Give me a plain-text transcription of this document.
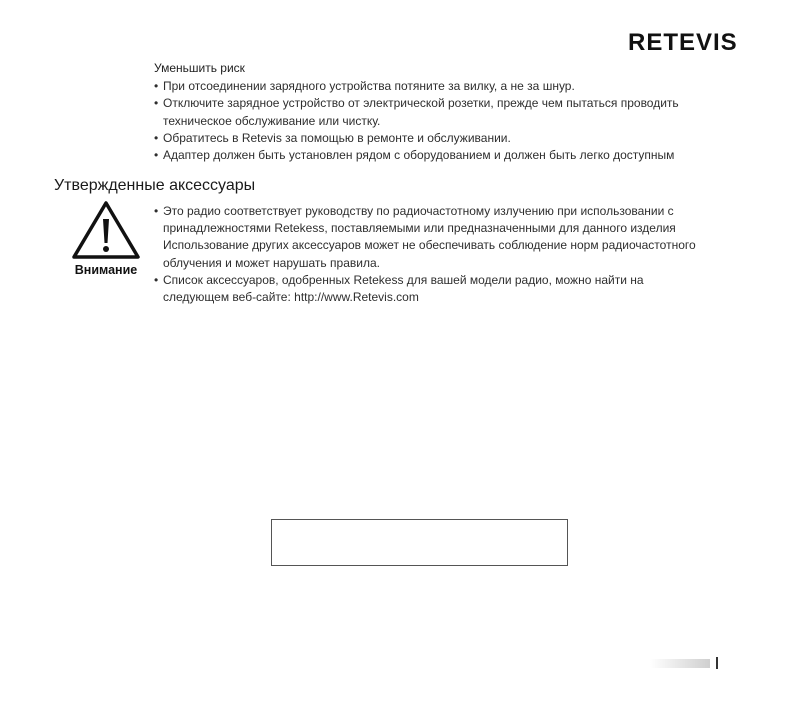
RETEVIS
Уменьшить риск
• При отсоединении зарядного устройства потяните за вилку, а не за шнур.
• Отключите зарядное устройство от электрической розетки, прежде чем пытаться проводить
техническое обслуживание или чистку.
• Обратитесь в Retevis за помощью в ремонте и обслуживании.
• Адаптер должен быть установлен рядом с оборудованием и должен быть легко доступным
Утвержденные аксессуары
Внимание
• Это радио соответствует руководству по радиочастотному излучению при использовании с
принадлежностями Retekess, поставляемыми или предназначенными для данного изделия
Использование других аксессуаров может не обеспечивать соблюдение норм радиочастотного
облучения и может нарушать правила.
• Список аксессуаров, одобренных Retekess для вашей модели радио, можно найти на
следующем веб-сайте: http://www.Retevis.com
